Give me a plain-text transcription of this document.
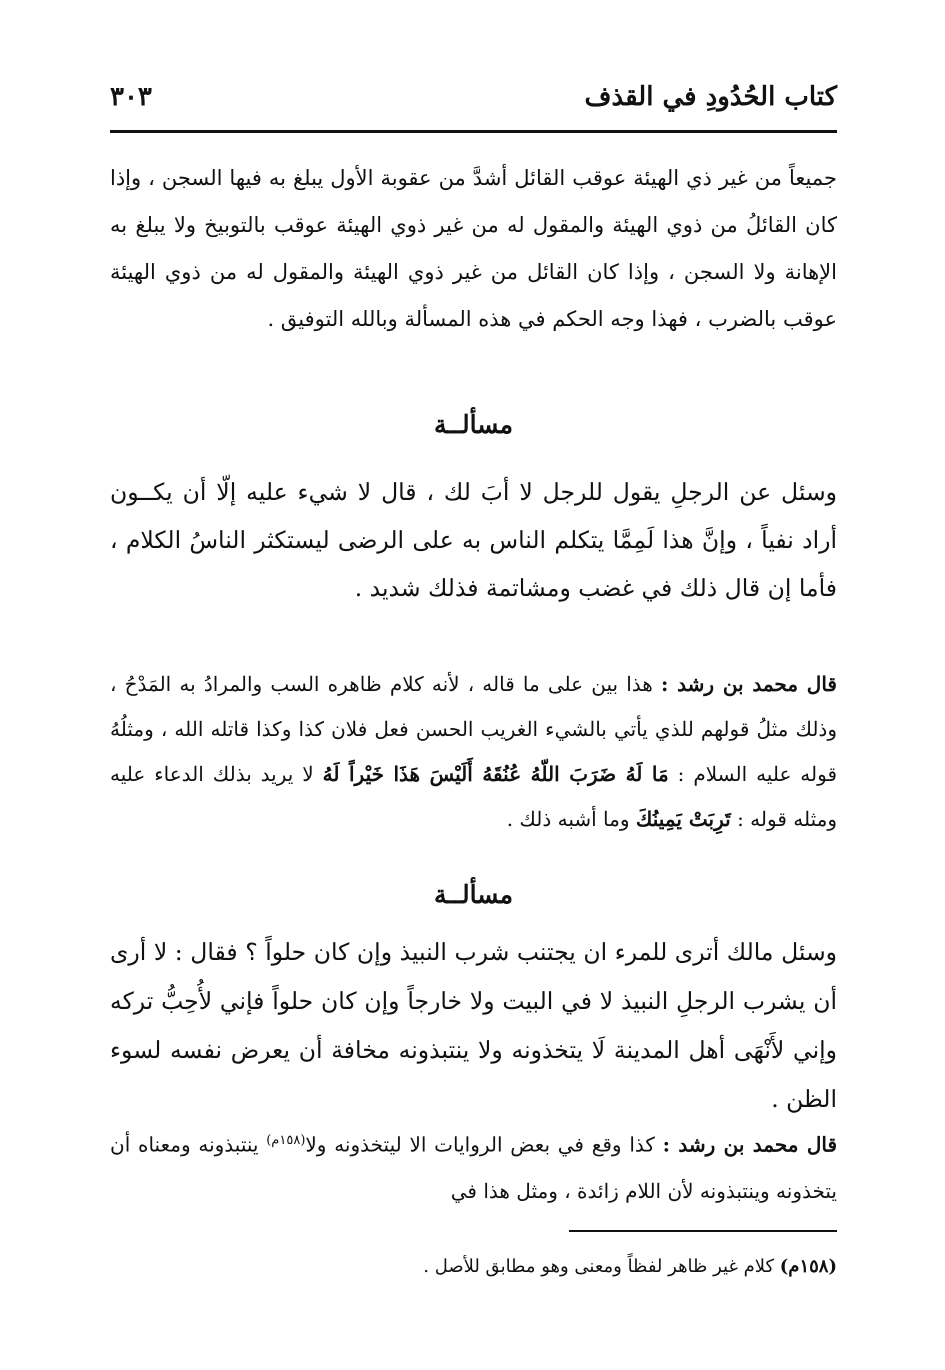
كتاب الحُدُودِ في القذف
٣٠٣

جميعاً من غير ذي الهيئة عوقب القائل أشدَّ من عقوبة الأول يبلغ به فيها السجن ، وإذا كان القائلُ من ذوي الهيئة والمقول له من غير ذوي الهيئة عوقب بالتوبيخ ولا يبلغ به الإهانة ولا السجن ، وإذا كان القائل من غير ذوي الهيئة والمقول له من ذوي الهيئة عوقب بالضرب ، فهذا وجه الحكم في هذه المسألة وبالله التوفيق .

مسألــة

وسئل عن الرجلِ يقول للرجل لا أبَ لك ، قال لا شيء عليه إلّا أن يكــون أراد نفياً ، وإنَّ هذا لَمِمَّا يتكلم الناس به على الرضى ليستكثر الناسُ الكلام ، فأما إن قال ذلك في غضب ومشاتمة فذلك شديد .

قال محمد بن رشد : هذا بين على ما قاله ، لأنه كلام ظاهره السب والمرادُ به المَدْحُ ، وذلك مثلُ قولهم للذي يأتي بالشيء الغريب الحسن فعل فلان كذا وكذا قاتله الله ، ومثلُهُ قوله عليه السلام : مَا لَهُ ضَرَبَ اللّهُ عُنُقَهُ أَلَيْسَ هَذَا خَيْراً لَهُ لا يريد بذلك الدعاء عليه ومثله قوله : تَرِبَتْ يَمِينُكَ وما أشبه ذلك .

مسألــة

وسئل مالك أترى للمرء ان يجتنب شرب النبيذ وإن كان حلواً ؟ فقال : لا أرى أن يشرب الرجلِ النبيذ لا في البيت ولا خارجاً وإن كان حلواً فإني لأُحِبُّ تركه وإني لأَنْهَى أهل المدينة لَا يتخذونه ولا ينتبذونه مخافة أن يعرض نفسه لسوء الظن .

قال محمد بن رشد : كذا وقع في بعض الروايات الا ليتخذونه ولا$^{(١٥٨م)}$ ينتبذونه ومعناه أن يتخذونه وينتبذونه لأن اللام زائدة ، ومثل هذا في

(١٥٨م) كلام غير ظاهر لفظاً ومعنى وهو مطابق للأصل .
